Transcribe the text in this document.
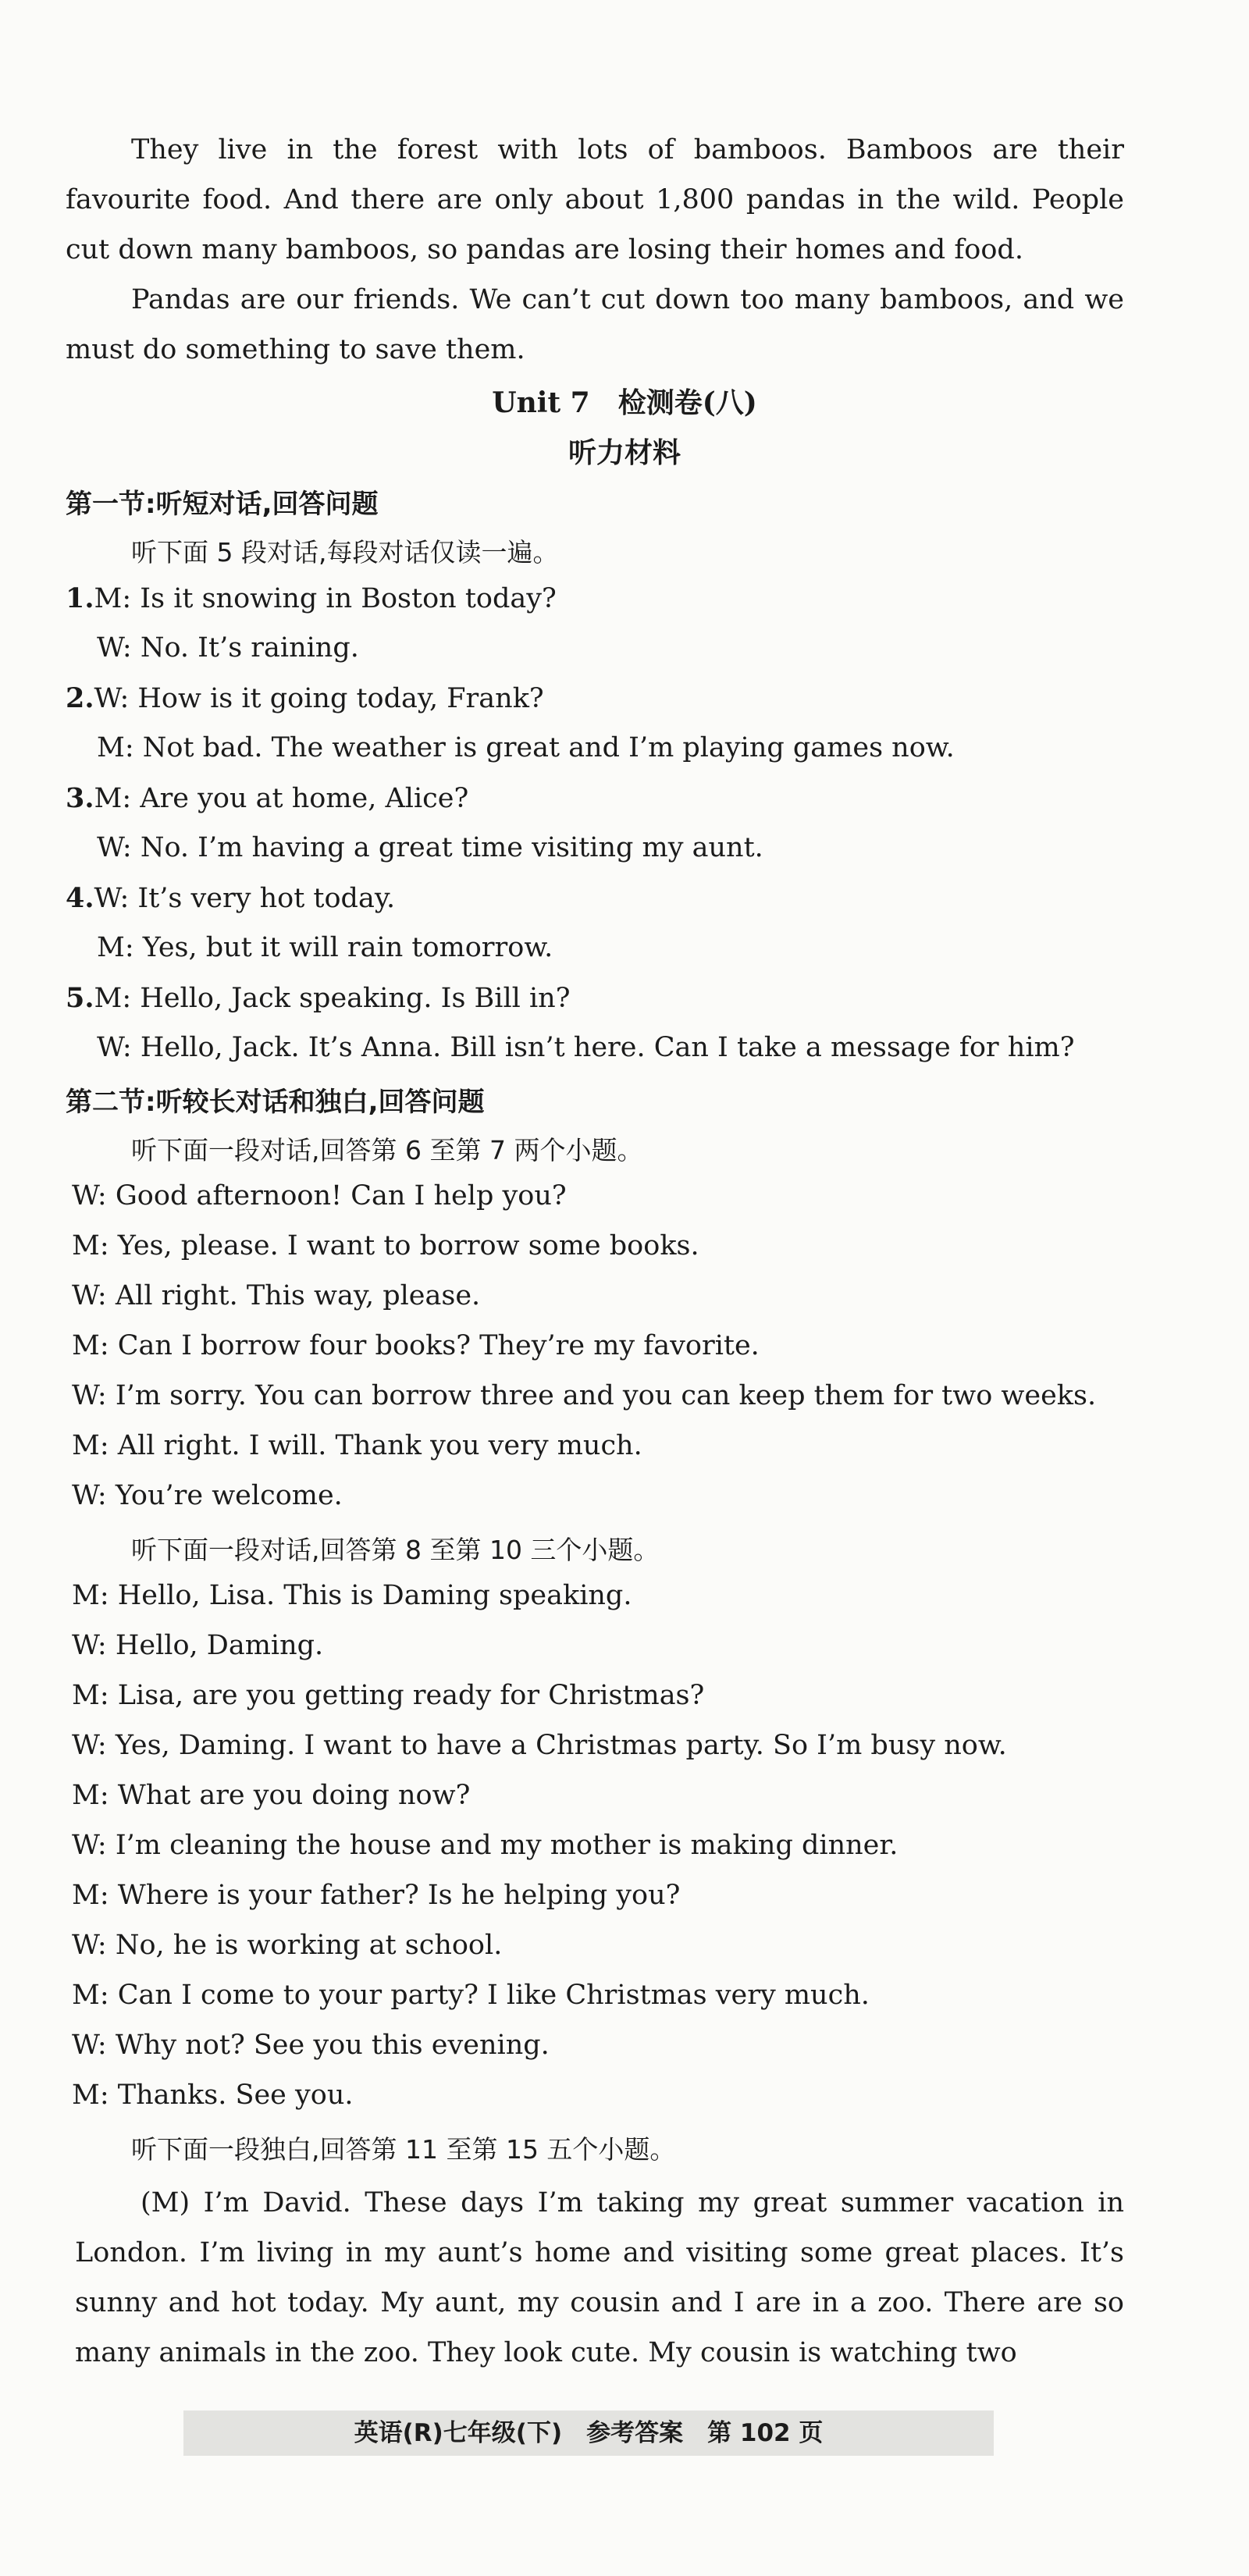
They live in the forest with lots of bamboos. Bamboos are their favourite food. And there are only about 1,800 pandas in the wild. People cut down many bamboos, so pandas are losing their homes and food.
Pandas are our friends. We can’t cut down too many bamboos, and we must do something to save them.
Unit 7　检测卷(八)
听力材料
第一节:听短对话,回答问题
听下面 5 段对话,每段对话仅读一遍。
第二节:听较长对话和独白,回答问题
听下面一段对话,回答第 6 至第 7 两个小题。
听下面一段对话,回答第 8 至第 10 三个小题。
听下面一段独白,回答第 11 至第 15 五个小题。
(M) I’m David. These days I’m taking my great summer vacation in London. I’m living in my aunt’s home and visiting some great places. It’s sunny and hot today. My aunt, my cousin and I are in a zoo. There are so many animals in the zoo. They look cute. My cousin is watching two
英语(R)七年级(下)　参考答案　第 102 页
1.M: Is it snowing in Boston today?
W: No. It’s raining.
2.W: How is it going today, Frank?
M: Not bad. The weather is great and I’m playing games now.
3.M: Are you at home, Alice?
W: No. I’m having a great time visiting my aunt.
4.W: It’s very hot today.
M: Yes, but it will rain tomorrow.
5.M: Hello, Jack speaking. Is Bill in?
W: Hello, Jack. It’s Anna. Bill isn’t here. Can I take a message for him?
W: Good afternoon! Can I help you?
M: Yes, please. I want to borrow some books.
W: All right. This way, please.
M: Can I borrow four books? They’re my favorite.
W: I’m sorry. You can borrow three and you can keep them for two weeks.
M: All right. I will. Thank you very much.
W: You’re welcome.
M: Hello, Lisa. This is Daming speaking.
W: Hello, Daming.
M: Lisa, are you getting ready for Christmas?
W: Yes, Daming. I want to have a Christmas party. So I’m busy now.
M: What are you doing now?
W: I’m cleaning the house and my mother is making dinner.
M: Where is your father? Is he helping you?
W: No, he is working at school.
M: Can I come to your party? I like Christmas very much.
W: Why not? See you this evening.
M: Thanks. See you.
